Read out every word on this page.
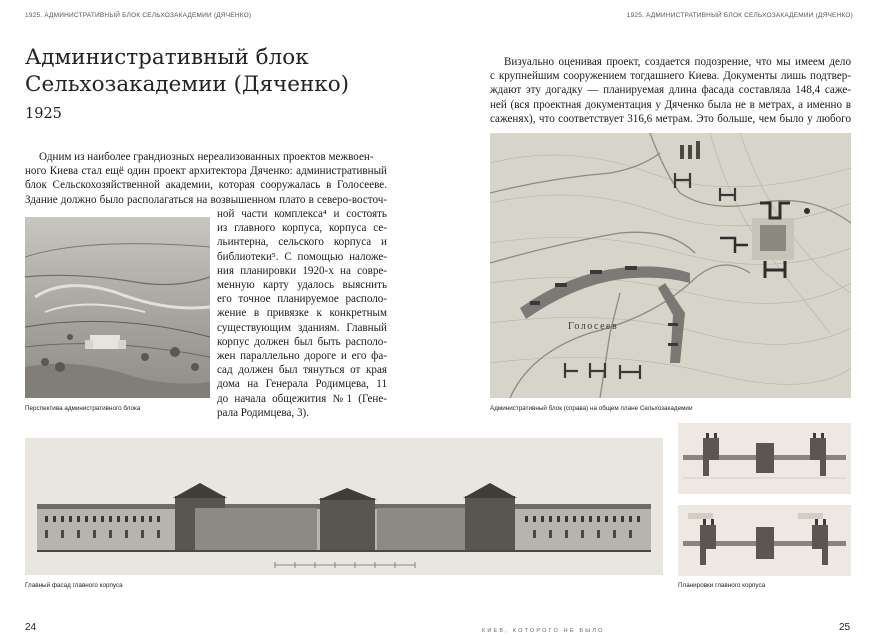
1925. АДМИНИСТРАТИВНЫЙ БЛОК СЕЛЬХОЗАКАДЕМИИ (ДЯЧЕНКО)	1925. АДМИНИСТРАТИВНЫЙ БЛОК СЕЛЬХОЗАКАДЕМИИ (ДЯЧЕНКО)
Административный блок
Сельхозакадемии (Дяченко)
1925
Одним из наиболее грандиозных нереализованных проектов межвоен-
ного Киева стал ещё один проект архитектора Дяченко: административный
блок Сельскохозяйственной академии, которая сооружалась в Голосееве.
Здание должно было располагаться на возвышенном плато в северо-восточ-
ной части комплекса⁴ и состоять
из главного корпуса, корпуса се-
льинтерна, сельского корпуса и
библиотеки⁵. С помощью наложе-
ния планировки 1920-х на совре-
менную карту удалось выяснить
его точное планируемое располо-
жение в привязке к конкретным
существующим зданиям. Главный
корпус должен был быть располо-
жен параллельно дороге и его фа-
сад должен был тянуться от края
дома на Генерала Родимцева, 11
до начала общежития №1 (Гене-
рала Родимцева, 3).
Перспектива административного блока
Визуально оценивая проект, создается подозрение, что мы имеем дело
с крупнейшим сооружением тогдашнего Киева. Документы лишь подтвер-
ждают эту догадку — планируемая длина фасада составляла 148,4 саже-
ней (вся проектная документация у Дяченко была не в метрах, а именно в
саженях), что соответствует 316,6 метрам. Это больше, чем было у любого
Голосеев
Административный блок (справа) на общем плане Сельхозакадемии
Главный фасад главного корпуса	Планировки главного корпуса
24	КИЕВ, КОТОРОГО НЕ БЫЛО	25
